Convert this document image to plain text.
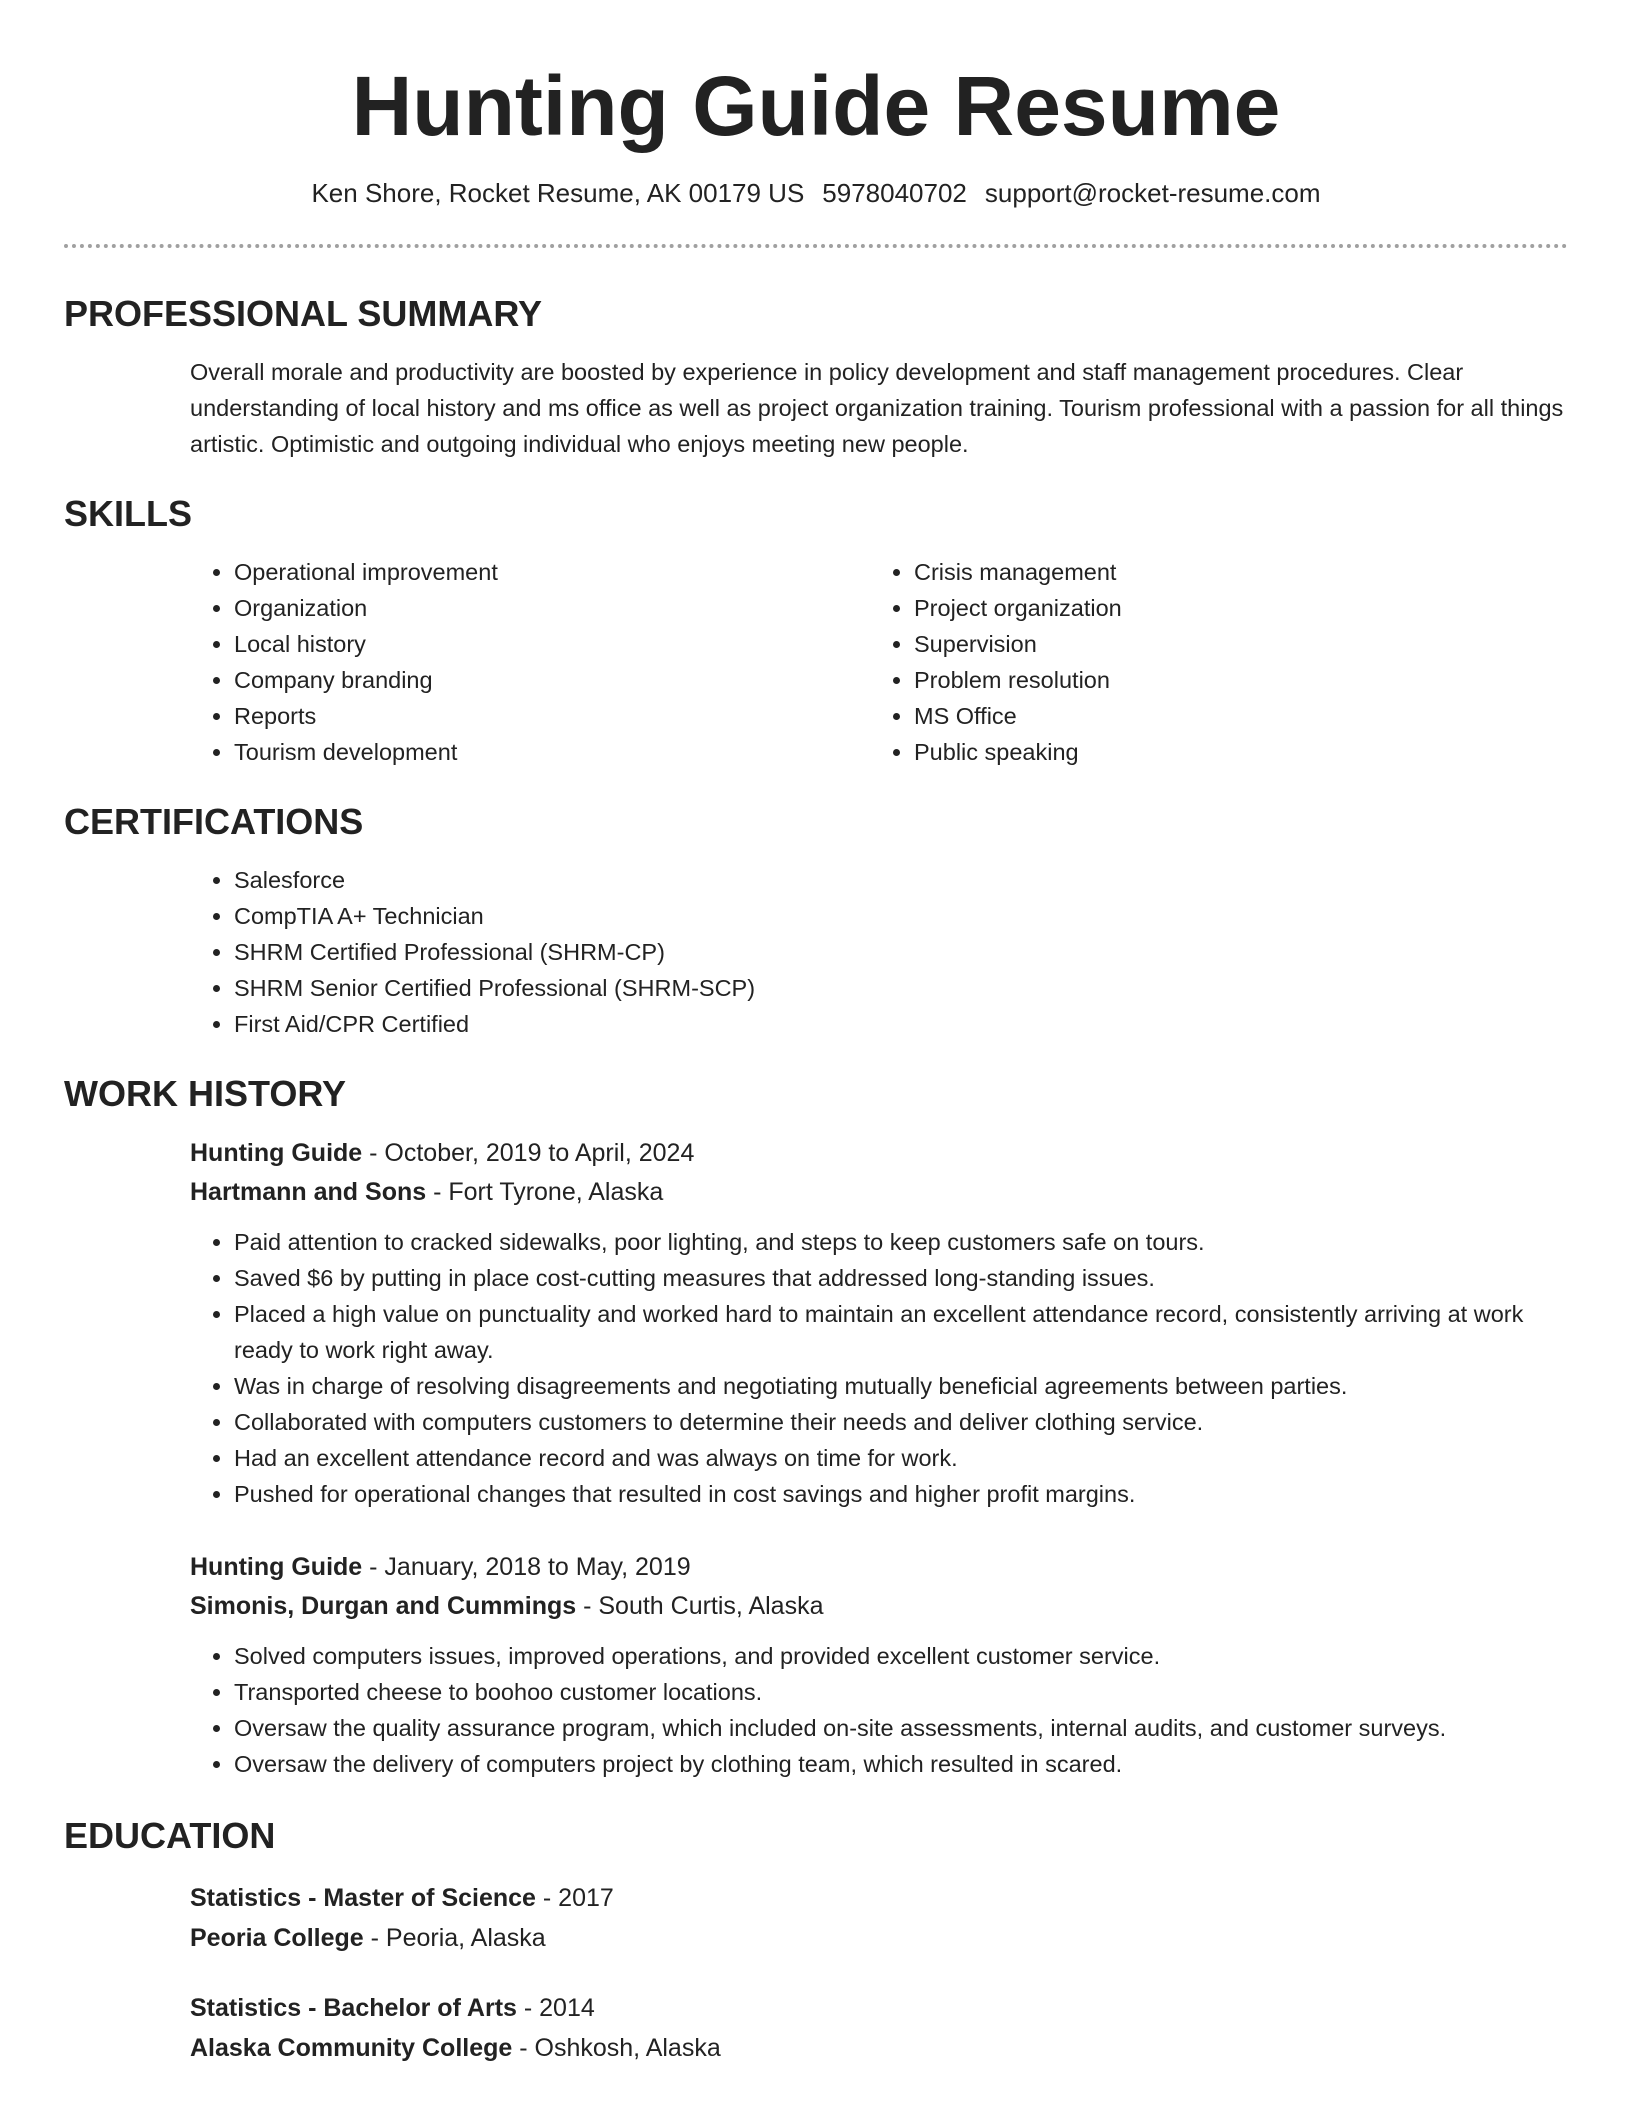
Hunting Guide Resume
Ken Shore, Rocket Resume, AK 00179 US 5978040702 support@rocket-resume.com
PROFESSIONAL SUMMARY

Overall morale and productivity are boosted by experience in policy development and staff management procedures. Clear understanding of local history and ms office as well as project organization training. Tourism professional with a passion for all things artistic. Optimistic and outgoing individual who enjoys meeting new people.

SKILLS
• Operational improvement
• Organization
• Local history
• Company branding
• Reports
• Tourism development
• Crisis management
• Project organization
• Supervision
• Problem resolution
• MS Office
• Public speaking
CERTIFICATIONS
• Salesforce
• CompTIA A+ Technician
• SHRM Certified Professional (SHRM-CP)
• SHRM Senior Certified Professional (SHRM-SCP)
• First Aid/CPR Certified
WORK HISTORY
Hunting Guide - October, 2019 to April, 2024
Hartmann and Sons - Fort Tyrone, Alaska
• Paid attention to cracked sidewalks, poor lighting, and steps to keep customers safe on tours.
• Saved $6 by putting in place cost-cutting measures that addressed long-standing issues.
• Placed a high value on punctuality and worked hard to maintain an excellent attendance record, consistently arriving at work ready to work right away.
• Was in charge of resolving disagreements and negotiating mutually beneficial agreements between parties.
• Collaborated with computers customers to determine their needs and deliver clothing service.
• Had an excellent attendance record and was always on time for work.
• Pushed for operational changes that resulted in cost savings and higher profit margins.
Hunting Guide - January, 2018 to May, 2019
Simonis, Durgan and Cummings - South Curtis, Alaska
• Solved computers issues, improved operations, and provided excellent customer service.
• Transported cheese to boohoo customer locations.
• Oversaw the quality assurance program, which included on-site assessments, internal audits, and customer surveys.
• Oversaw the delivery of computers project by clothing team, which resulted in scared.
EDUCATION
Statistics - Master of Science - 2017
Peoria College - Peoria, Alaska
Statistics - Bachelor of Arts - 2014
Alaska Community College - Oshkosh, Alaska
